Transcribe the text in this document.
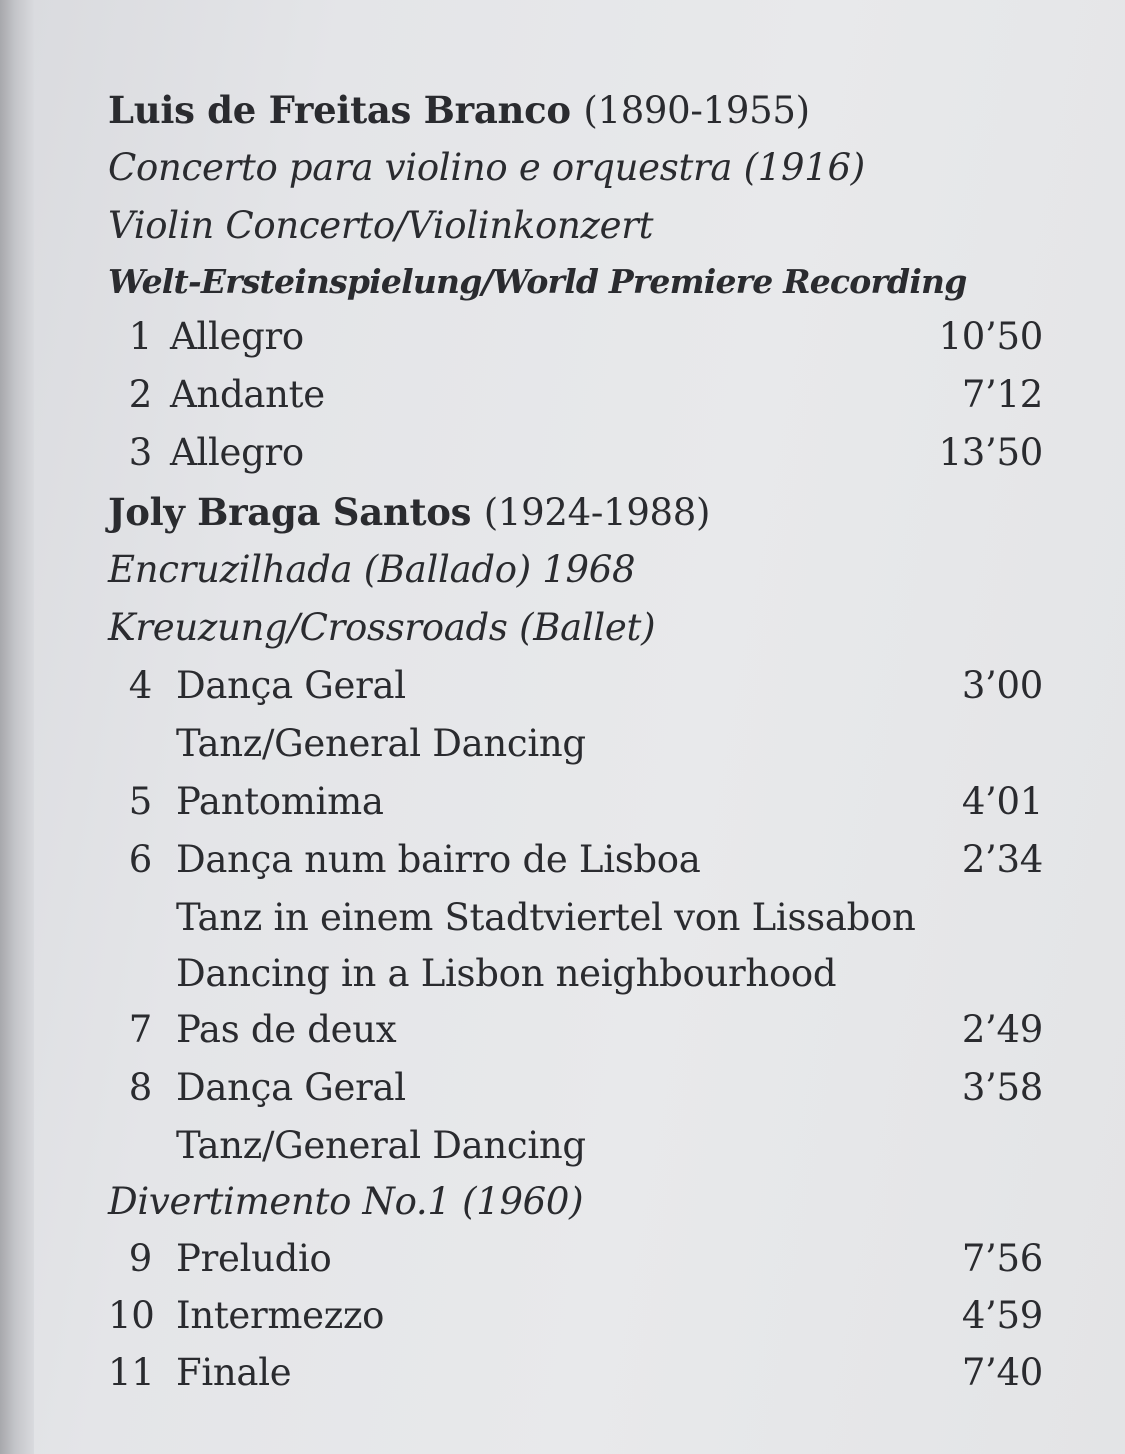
Luis de Freitas Branco (1890-1955)
Concerto para violino e orquestra (1916)
Violin Concerto/Violinkonzert
Welt-Ersteinspielung/World Premiere Recording
1 Allegro	10’50
2 Andante	7’12
3 Allegro	13’50
Joly Braga Santos (1924-1988)
Encruzilhada (Ballado) 1968
Kreuzung/Crossroads (Ballet)
4 Dança Geral	3’00
Tanz/General Dancing
5 Pantomima	4’01
6 Dança num bairro de Lisboa	2’34
Tanz in einem Stadtviertel von Lissabon
Dancing in a Lisbon neighbourhood
7 Pas de deux	2’49
8 Dança Geral	3’58
Tanz/General Dancing
Divertimento No.1 (1960)
9 Preludio	7’56
10 Intermezzo	4’59
11 Finale	7’40
